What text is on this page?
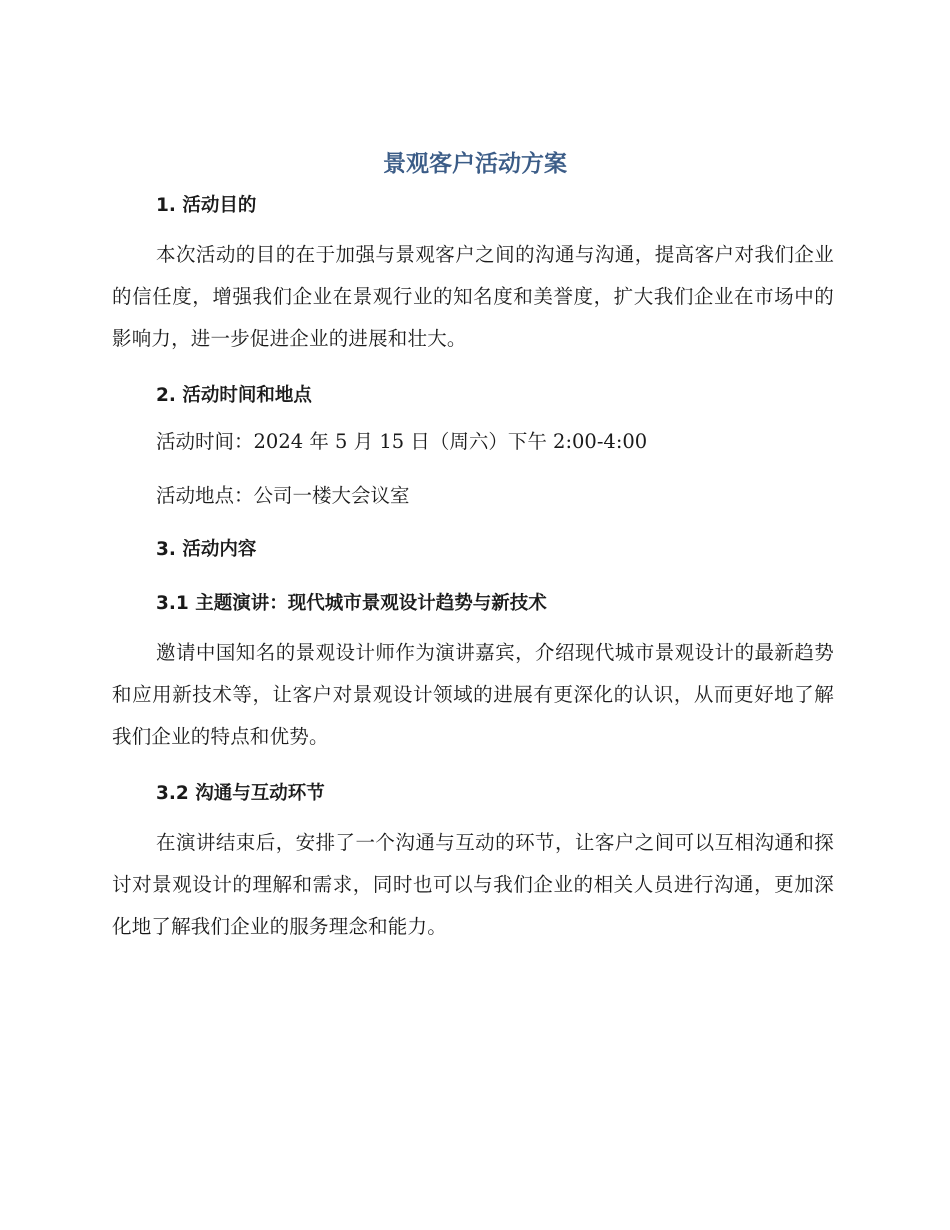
景观客户活动方案
1. 活动目的

本次活动的目的在于加强与景观客户之间的沟通与沟通，提高客户对我们企业的信任度，增强我们企业在景观行业的知名度和美誉度，扩大我们企业在市场中的影响力，进一步促进企业的进展和壮大。

2. 活动时间和地点

活动时间：2024 年 5 月 15 日（周六）下午 2:00-4:00

活动地点：公司一楼大会议室

3. 活动内容
3.1 主题演讲：现代城市景观设计趋势与新技术

邀请中国知名的景观设计师作为演讲嘉宾，介绍现代城市景观设计的最新趋势和应用新技术等，让客户对景观设计领域的进展有更深化的认识，从而更好地了解我们企业的特点和优势。

3.2 沟通与互动环节

在演讲结束后，安排了一个沟通与互动的环节，让客户之间可以互相沟通和探讨对景观设计的理解和需求，同时也可以与我们企业的相关人员进行沟通，更加深化地了解我们企业的服务理念和能力。
